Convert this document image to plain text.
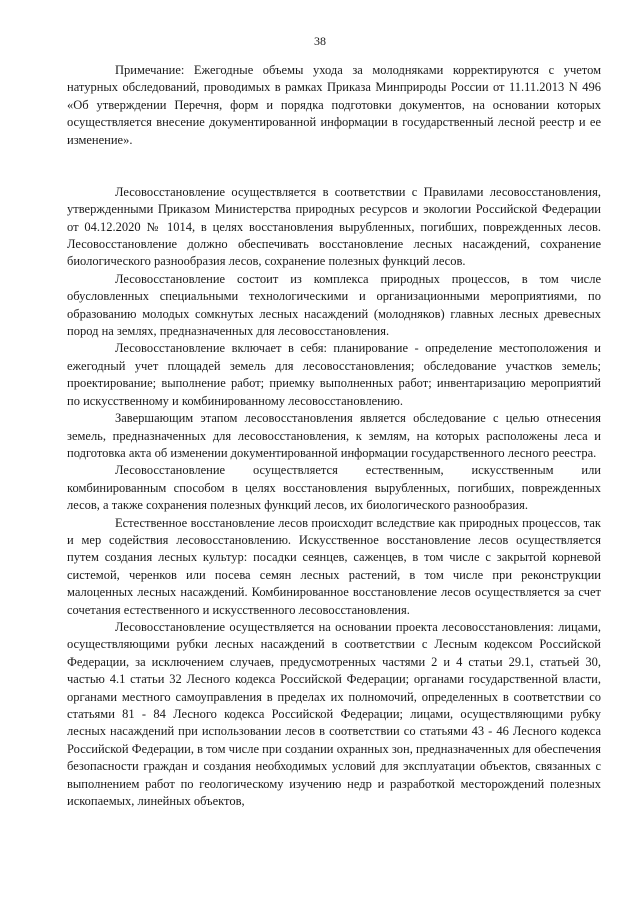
38

Примечание: Ежегодные объемы ухода за молодняками корректируются с учетом натурных обследований, проводимых в рамках Приказа Минприроды России от 11.11.2013 N 496 «Об утверждении Перечня, форм и порядка подготовки документов, на основании которых осуществляется внесение документированной информации в государственный лесной реестр и ее изменение».

Лесовосстановление осуществляется в соответствии с Правилами лесовосстановления, утвержденными Приказом Министерства природных ресурсов и экологии Российской Федерации от 04.12.2020 № 1014, в целях восстановления вырубленных, погибших, поврежденных лесов. Лесовосстановление должно обеспечивать восстановление лесных насаждений, сохранение биологического разнообразия лесов, сохранение полезных функций лесов.

Лесовосстановление состоит из комплекса природных процессов, в том числе обусловленных специальными технологическими и организационными мероприятиями, по образованию молодых сомкнутых лесных насаждений (молодняков) главных лесных древесных пород на землях, предназначенных для лесовосстановления.

Лесовосстановление включает в себя: планирование - определение местоположения и ежегодный учет площадей земель для лесовосстановления; обследование участков земель; проектирование; выполнение работ; приемку выполненных работ; инвентаризацию мероприятий по искусственному и комбинированному лесовосстановлению.

Завершающим этапом лесовосстановления является обследование с целью отнесения земель, предназначенных для лесовосстановления, к землям, на которых расположены леса и подготовка акта об изменении документированной информации государственного лесного реестра.

Лесовосстановление осуществляется естественным, искусственным или комбинированным способом в целях восстановления вырубленных, погибших, поврежденных лесов, а также сохранения полезных функций лесов, их биологического разнообразия.

Естественное восстановление лесов происходит вследствие как природных процессов, так и мер содействия лесовосстановлению. Искусственное восстановление лесов осуществляется путем создания лесных культур: посадки сеянцев, саженцев, в том числе с закрытой корневой системой, черенков или посева семян лесных растений, в том числе при реконструкции малоценных лесных насаждений. Комбинированное восстановление лесов осуществляется за счет сочетания естественного и искусственного лесовосстановления.

Лесовосстановление осуществляется на основании проекта лесовосстановления: лицами, осуществляющими рубки лесных насаждений в соответствии с Лесным кодексом Российской Федерации, за исключением случаев, предусмотренных частями 2 и 4 статьи 29.1, статьей 30, частью 4.1 статьи 32 Лесного кодекса Российской Федерации; органами государственной власти, органами местного самоуправления в пределах их полномочий, определенных в соответствии со статьями 81 - 84 Лесного кодекса Российской Федерации; лицами, осуществляющими рубку лесных насаждений при использовании лесов в соответствии со статьями 43 - 46 Лесного кодекса Российской Федерации, в том числе при создании охранных зон, предназначенных для обеспечения безопасности граждан и создания необходимых условий для эксплуатации объектов, связанных с выполнением работ по геологическому изучению недр и разработкой месторождений полезных ископаемых, линейных объектов,
